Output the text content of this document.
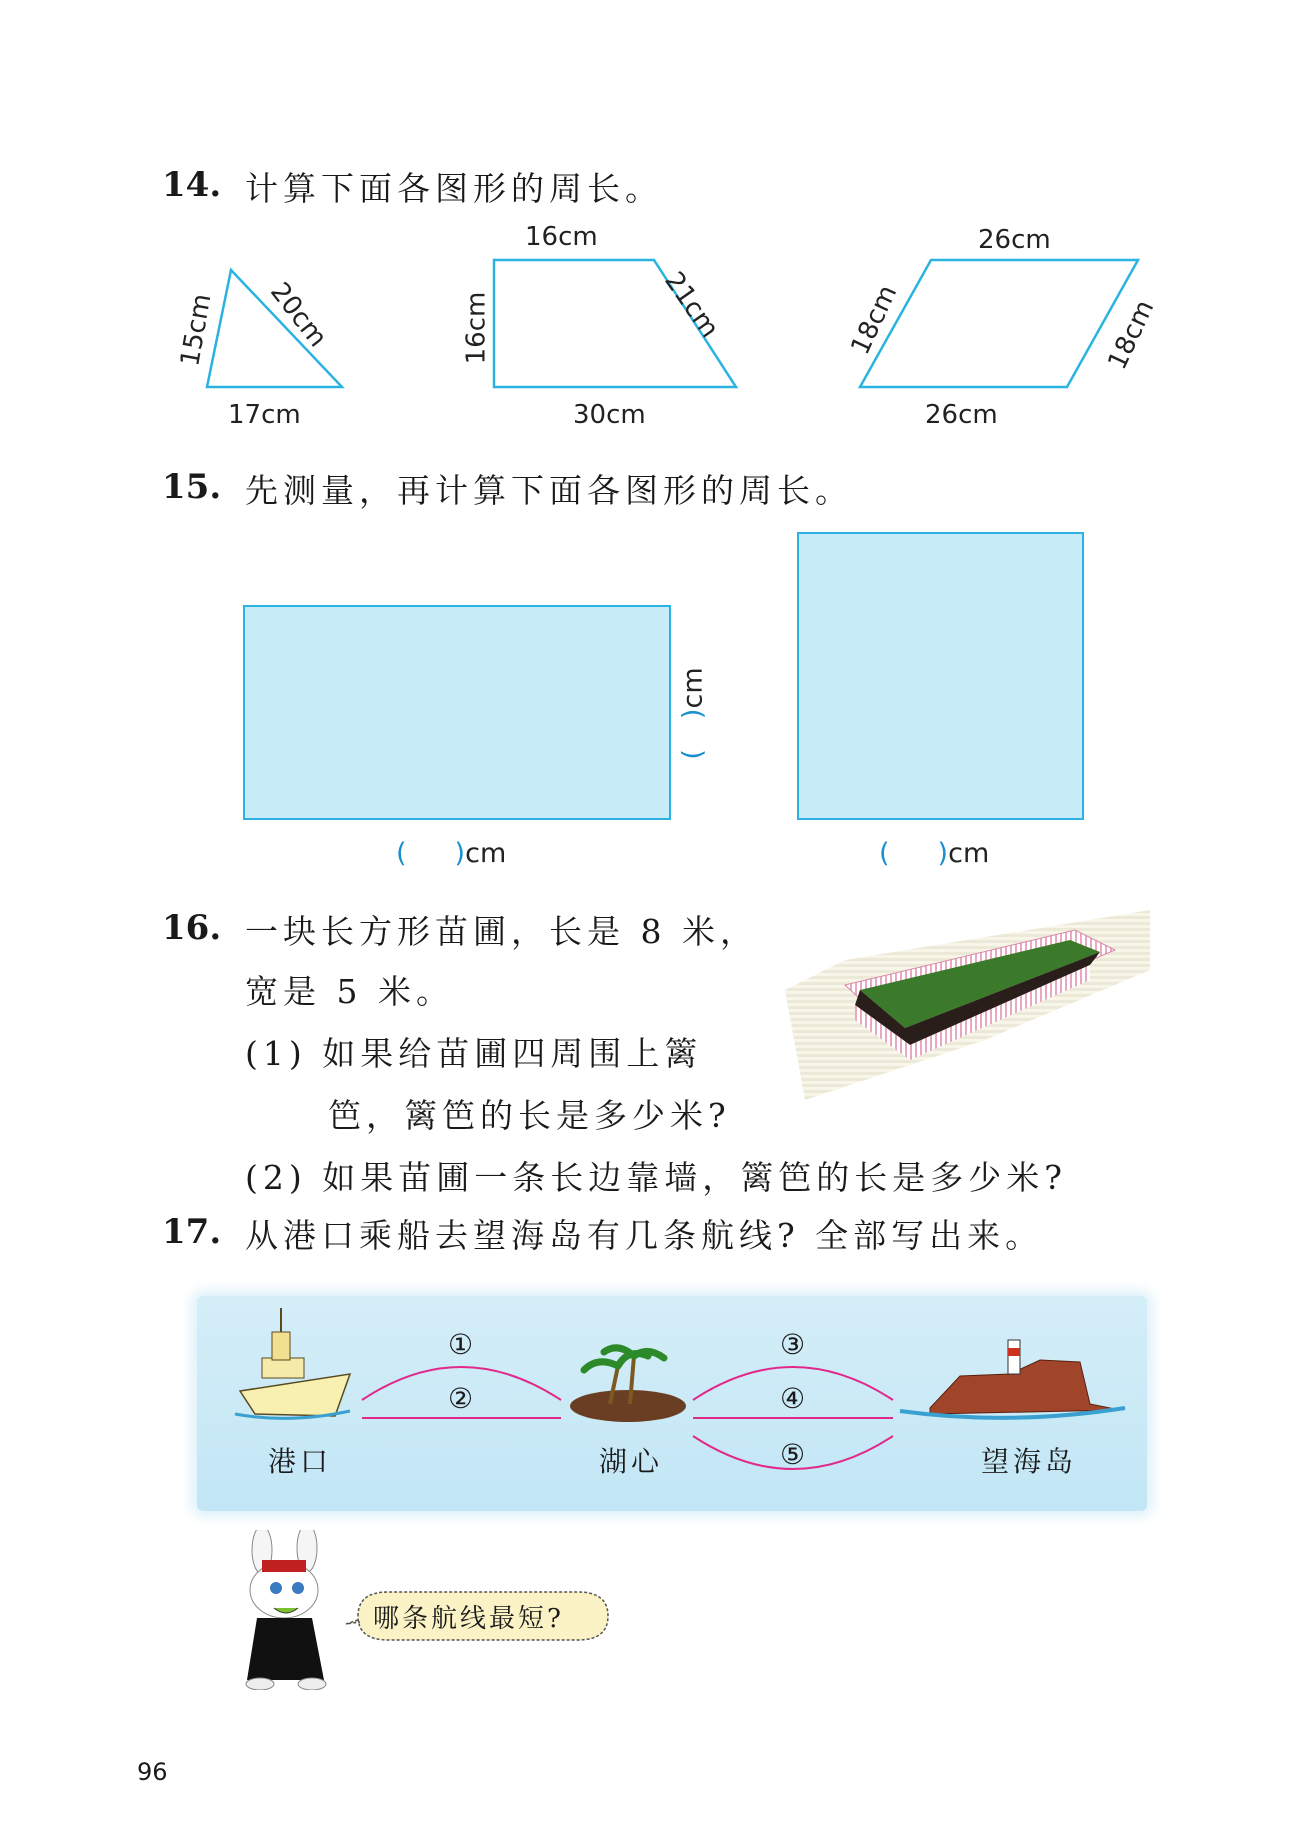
14. 计算下面各图形的周长。
15cm 20cm
17cm
16cm
16cm	21cm
30cm
26cm
18cm	18cm
26cm
15. 先测量，再计算下面各图形的周长。
( )cm
()cm
( )cm
16. 一块长方形苗圃，长是 8 米，
宽是 5 米。
(1) 如果给苗圃四周围上篱
笆，篱笆的长是多少米?
(2) 如果苗圃一条长边靠墙，篱笆的长是多少米?
17. 从港口乘船去望海岛有几条航线? 全部写出来。
①
②
③
④
⑤
港口	湖心	望海岛
哪条航线最短?
96
